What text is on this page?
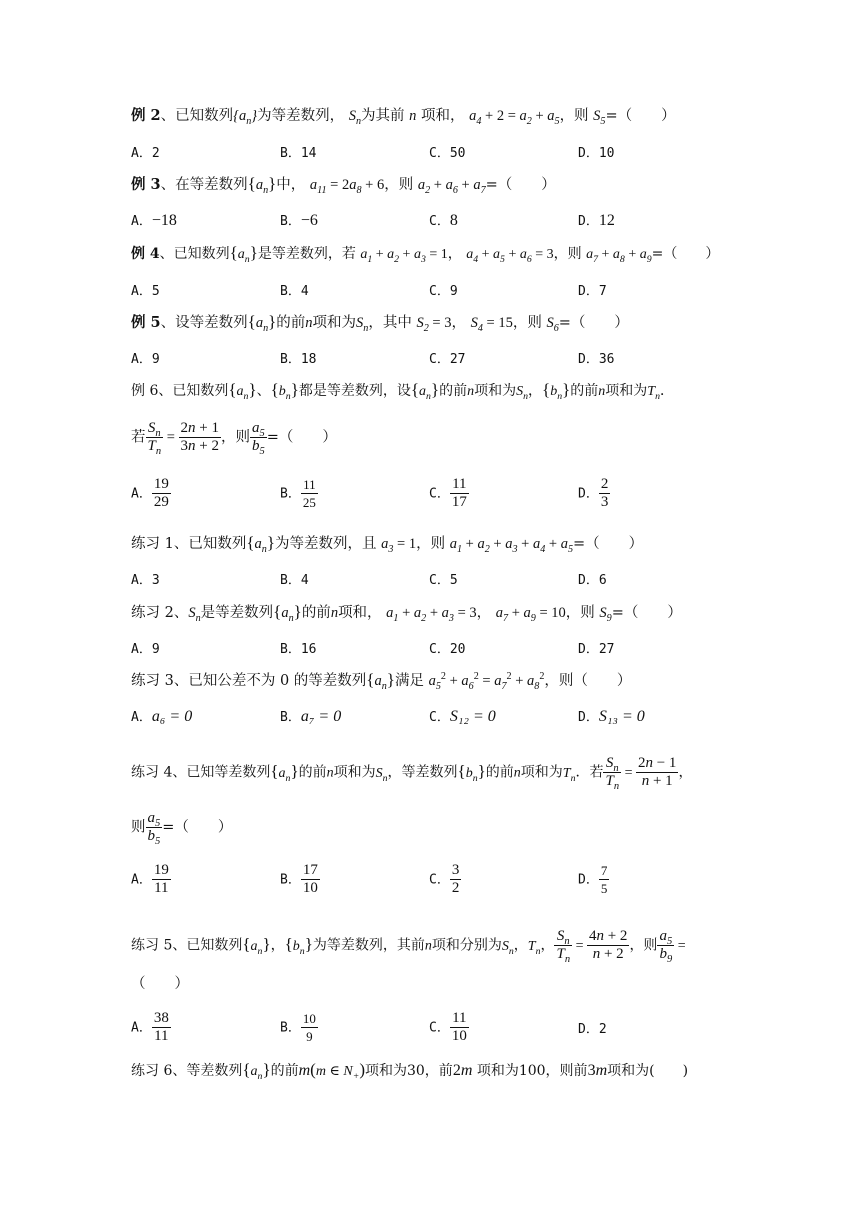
例 2、已知数列$\{a_n\}$为等差数列， $S_n$为其前 n 项和， $a_4 + 2 = a_2 + a_5$，则 $S_5=$（　　）
A．2	B．14	C．50	D．10
例 3、在等差数列$\{a_n\}$中， $a_{11} = 2a_8 + 6$，则 $a_2 + a_6 + a_7=$（　　）
A．−18	B．−6	C．8	D．12
例 4、已知数列$\{a_n\}$是等差数列，若 $a_1 + a_2 + a_3 = 1$， $a_4 + a_5 + a_6 = 3$，则 $a_7 + a_8 + a_9=$（　　）
A．5	B．4	C．9	D．7
例 5、设等差数列$\{a_n\}$的前n项和为$S_n$，其中 $S_2 = 3$， $S_4 = 15$，则 $S_6=$（　　）
A．9	B．18	C．27	D．36
例 6、已知数列$\{a_n\}$、$\{b_n\}$都是等差数列，设$\{a_n\}$的前n项和为$S_n$，$\{b_n\}$的前n项和为$T_n$．
若 $\frac{S_n}{T_n} = \frac{2n + 1}{3n + 2}$ ，则 $\frac{a_5}{b_5}$ =（　　）
A． $\frac{19}{29}$	B． $\frac{11}{25}$	C． $\frac{11}{17}$	D． $\frac{2}{3}$
练习 1、已知数列$\{a_n\}$为等差数列，且 $a_3 = 1$，则 $a_1 + a_2 + a_3 + a_4 + a_5=$（　　）
A．3	B．4	C．5	D．6
练习 2、$S_n$是等差数列$\{a_n\}$的前n项和， $a_1 + a_2 + a_3 = 3$， $a_7 + a_9 = 10$，则 $S_9=$（　　）
A．9	B．16	C．20	D．27
练习 3、已知公差不为 0 的等差数列$\{a_n\}$满足 $a_5^2 + a_6^2 = a_7^2 + a_8^2$，则（　　）
A．a₆ = 0	B．a₇ = 0	C．S₁₂ = 0	D．S₁₃ = 0
练习 4、已知等差数列$\{a_n\}$的前n项和为$S_n$，等差数列$\{b_n\}$的前n项和为$T_n$．若 $\frac{S_n}{T_n} = \frac{2n - 1}{n + 1}$ ，
则 $\frac{a_5}{b_5}$ =（　　）
A． $\frac{19}{11}$	B． $\frac{17}{10}$	C． $\frac{3}{2}$	D． $\frac{7}{5}$
练习 5、已知数列$\{a_n\}$，$\{b_n\}$为等差数列，其前n项和分别为$S_n$，$T_n$， $\frac{S_n}{T_n} = \frac{4n + 2}{n + 2}$ ，则 $\frac{a_5}{b_9}$ =
（　　）
A． $\frac{38}{11}$	B． $\frac{10}{9}$	C． $\frac{11}{10}$	D．2
练习 6、等差数列$\{a_n\}$的前m(m ∈ $N_+$)项和为30，前2m 项和为100，则前3m项和为(　　)
